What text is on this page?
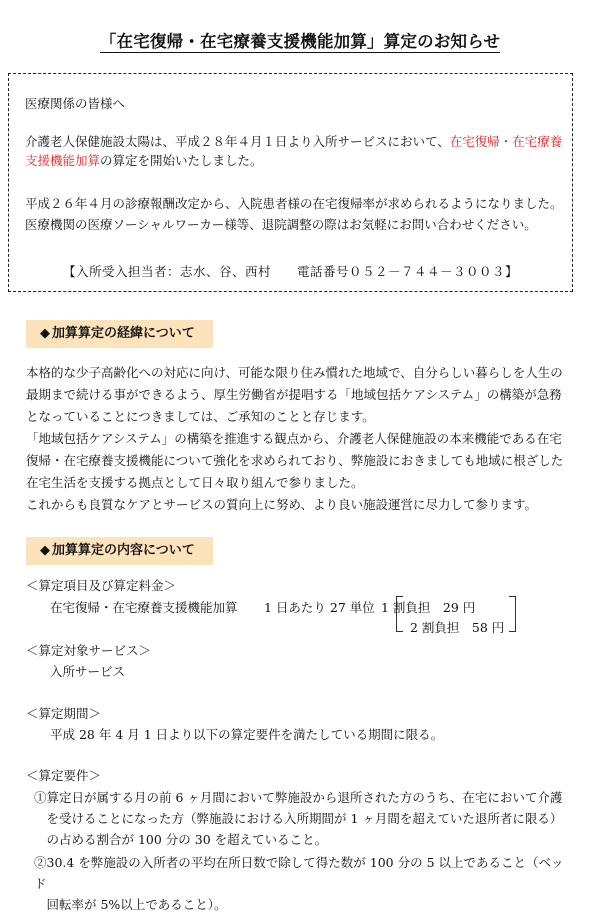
「在宅復帰・在宅療養支援機能加算」算定のお知らせ

医療関係の皆様へ

介護老人保健施設太陽は、平成２８年４月１日より入所サービスにおいて、在宅復帰・在宅療養支援機能加算の算定を開始いたしました。

平成２６年４月の診療報酬改定から、入院患者様の在宅復帰率が求められるようになりました。

医療機関の医療ソーシャルワーカー様等、退院調整の際はお気軽にお問い合わせください。

【入所受入担当者：志水、谷、西村　　電話番号０５２－７４４－３００３】
◆ 加算算定の経緯について
本格的な少子高齢化への対応に向け、可能な限り住み慣れた地域で、自分らしい暮らしを人生の
最期まで続ける事ができるよう、厚生労働省が提唱する「地域包括ケアシステム」の構築が急務
となっていることにつきましては、ご承知のことと存じます。
「地域包括ケアシステム」の構築を推進する観点から、介護老人保健施設の本来機能である在宅
復帰・在宅療養支援機能について強化を求められており、弊施設におきましても地域に根ざした
在宅生活を支援する拠点として日々取り組んで参りました。
これからも良質なケアとサービスの質向上に努め、より良い施設運営に尽力して参ります。
◆ 加算算定の内容について
＜算定項目及び算定料金＞
在宅復帰・在宅療養支援機能加算 1 日あたり 27 単位 1 割負担　29 円
2 割負担　58 円
＜算定対象サービス＞
入所サービス
＜算定期間＞
平成 28 年 4 月 1 日より以下の算定要件を満たしている期間に限る。
＜算定要件＞
①算定日が属する月の前 6 ヶ月間において弊施設から退所された方のうち、在宅において介護
　を受けることになった方（弊施設における入所期間が 1 ヶ月間を超えていた退所者に限る）
　の占める割合が 100 分の 30 を超えていること。
②30.4 を弊施設の入所者の平均在所日数で除して得た数が 100 分の 5 以上であること（ベッド
　回転率が 5%以上であること）。
